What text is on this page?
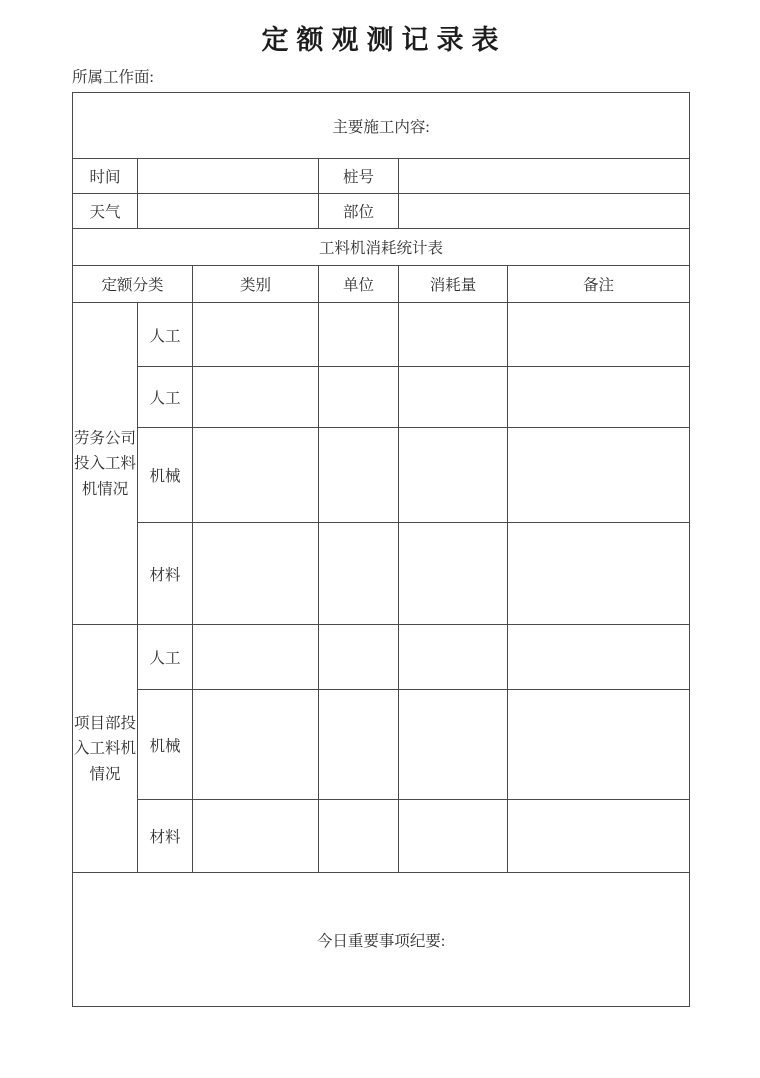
定额观测记录表
所属工作面:
主要施工内容:					
时间			桩号		
天气			部位		
工料机消耗统计表					
定额分类		类别	单位	消耗量	备注
劳务公司投入工料机情况	人工				
	人工				
	机械				
	材料				
项目部投入工料机情况	人工				
	机械				
	材料				
今日重要事项纪要:					
